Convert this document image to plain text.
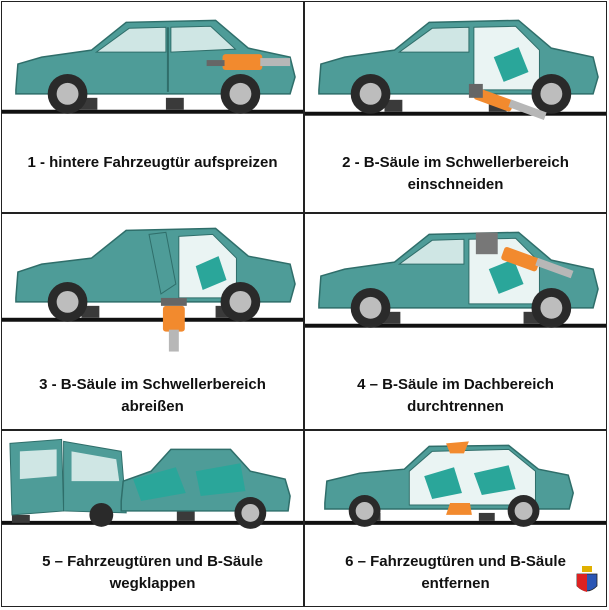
1 - hintere Fahrzeugtür aufspreizen	2 - B-Säule im Schwellerbereich einschneiden
3 - B-Säule im Schwellerbereich abreißen
4 – B-Säule im Dachbereich durchtrennen
5 – Fahrzeugtüren und B-Säule wegklappen
6 – Fahrzeugtüren und B-Säule entfernen
